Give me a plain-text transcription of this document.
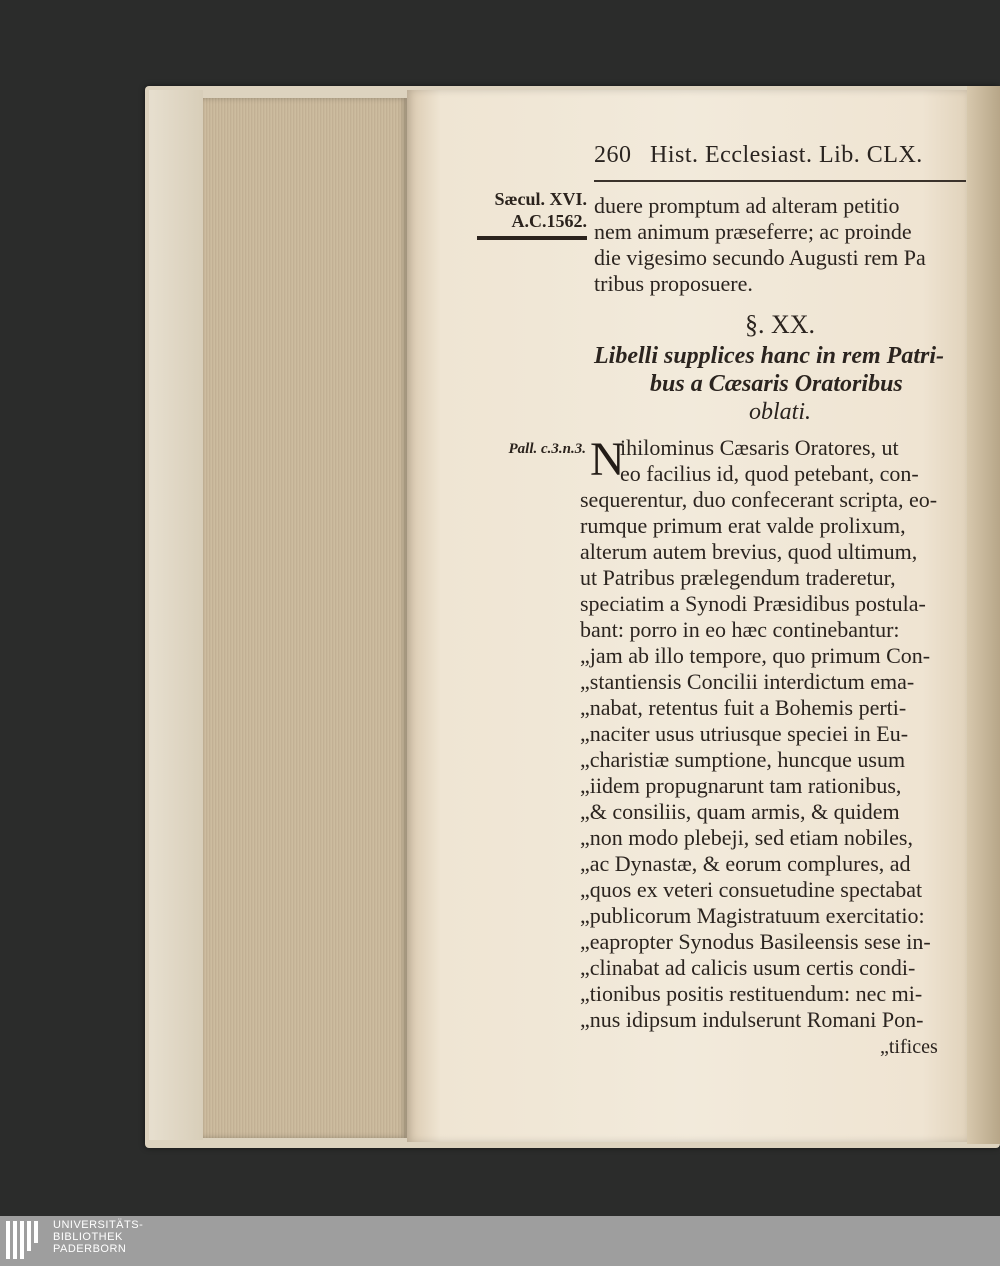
260 Hist. Ecclesiast. Lib. CLX.
Sæcul. XVI.
A.C.1562.
Pall. c.3.n.3.
duere promptum ad alteram petitio
nem animum præseferre; ac proinde
die vigesimo secundo Augusti rem Pa
tribus proposuere.
§. XX.
Libelli supplices hanc in rem Patri-
bus a Cæsaris Oratoribus
oblati.
N
ihilominus Cæsaris Oratores, ut
eo facilius id, quod petebant, con-
sequerentur, duo confecerant scripta, eo-
rumque primum erat valde prolixum,
alterum autem brevius, quod ultimum,
ut Patribus prælegendum traderetur,
speciatim a Synodi Præsidibus postula-
bant: porro in eo hæc continebantur:
„jam ab illo tempore, quo primum Con-
„stantiensis Concilii interdictum ema-
„nabat, retentus fuit a Bohemis perti-
„naciter usus utriusque speciei in Eu-
„charistiæ sumptione, huncque usum
„iidem propugnarunt tam rationibus,
„& consiliis, quam armis, & quidem
„non modo plebeji, sed etiam nobiles,
„ac Dynastæ, & eorum complures, ad
„quos ex veteri consuetudine spectabat
„publicorum Magistratuum exercitatio:
„eapropter Synodus Basileensis sese in-
„clinabat ad calicis usum certis condi-
„tionibus positis restituendum: nec mi-
„nus idipsum indulserunt Romani Pon-
„tifices
UNIVERSITÄTS-
BIBLIOTHEK
PADERBORN
